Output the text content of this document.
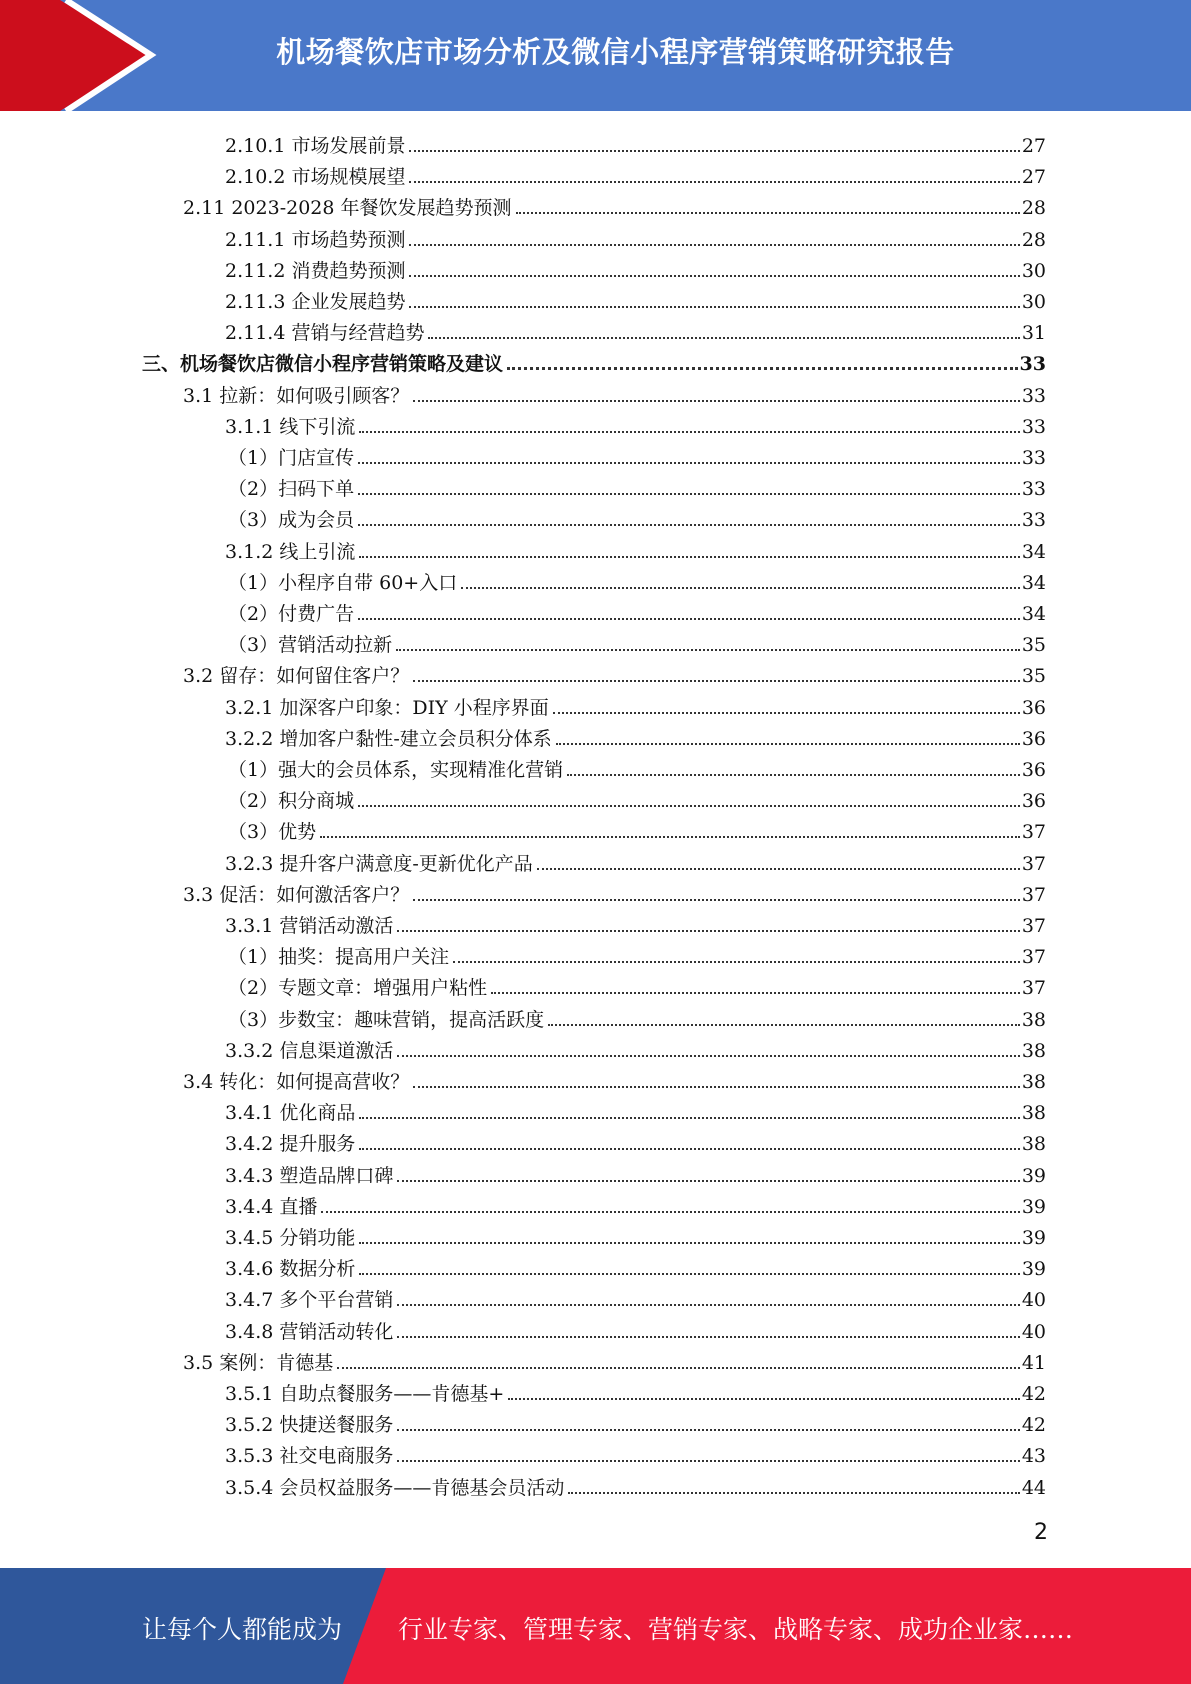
机场餐饮店市场分析及微信小程序营销策略研究报告
2.10.1 市场发展前景	27
2.10.2 市场规模展望	27
2.11 2023-2028 年餐饮发展趋势预测	28
2.11.1 市场趋势预测	28
2.11.2 消费趋势预测	30
2.11.3 企业发展趋势	30
2.11.4 营销与经营趋势	31
三、机场餐饮店微信小程序营销策略及建议	33
3.1 拉新：如何吸引顾客？	33
3.1.1 线下引流	33
（1）门店宣传	33
（2）扫码下单	33
（3）成为会员	33
3.1.2 线上引流	34
（1）小程序自带 60+入口	34
（2）付费广告	34
（3）营销活动拉新	35
3.2 留存：如何留住客户？	35
3.2.1 加深客户印象：DIY 小程序界面	36
3.2.2 增加客户黏性-建立会员积分体系	36
（1）强大的会员体系，实现精准化营销	36
（2）积分商城	36
（3）优势	37
3.2.3 提升客户满意度-更新优化产品	37
3.3 促活：如何激活客户？	37
3.3.1 营销活动激活	37
（1）抽奖：提高用户关注	37
（2）专题文章：增强用户粘性	37
（3）步数宝：趣味营销，提高活跃度	38
3.3.2 信息渠道激活	38
3.4 转化：如何提高营收？	38
3.4.1 优化商品	38
3.4.2 提升服务	38
3.4.3 塑造品牌口碑	39
3.4.4 直播	39
3.4.5 分销功能	39
3.4.6 数据分析	39
3.4.7 多个平台营销	40
3.4.8 营销活动转化	40
3.5 案例：肯德基	41
3.5.1 自助点餐服务——肯德基+	42
3.5.2 快捷送餐服务	42
3.5.3 社交电商服务	43
3.5.4 会员权益服务——肯德基会员活动	44
2
让每个人都能成为 行业专家、管理专家、营销专家、战略专家、成功企业家……
